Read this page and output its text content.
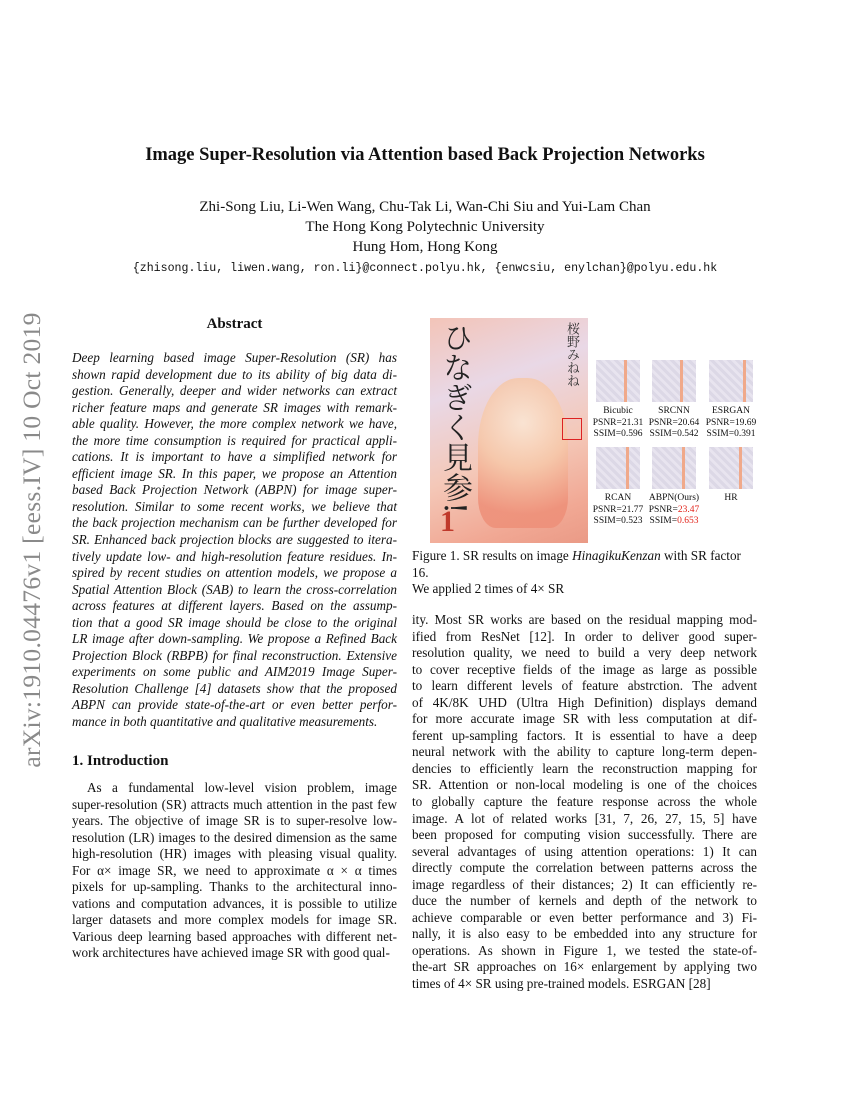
arXiv:1910.04476v1 [eess.IV] 10 Oct 2019
Image Super-Resolution via Attention based Back Projection Networks
Zhi-Song Liu, Li-Wen Wang, Chu-Tak Li, Wan-Chi Siu and Yui-Lam Chan
The Hong Kong Polytechnic University
Hung Hom, Hong Kong
{zhisong.liu, liwen.wang, ron.li}@connect.polyu.hk, {enwcsiu, enylchan}@polyu.edu.hk
Abstract
Deep learning based image Super-Resolution (SR) has
shown rapid development due to its ability of big data di-
gestion. Generally, deeper and wider networks can extract
richer feature maps and generate SR images with remark-
able quality. However, the more complex network we have,
the more time consumption is required for practical appli-
cations. It is important to have a simplified network for
efficient image SR. In this paper, we propose an Attention
based Back Projection Network (ABPN) for image super-
resolution. Similar to some recent works, we believe that
the back projection mechanism can be further developed for
SR. Enhanced back projection blocks are suggested to itera-
tively update low- and high-resolution feature residues. In-
spired by recent studies on attention models, we propose a
Spatial Attention Block (SAB) to learn the cross-correlation
across features at different layers. Based on the assump-
tion that a good SR image should be close to the original
LR image after down-sampling. We propose a Refined Back
Projection Block (RBPB) for final reconstruction. Extensive
experiments on some public and AIM2019 Image Super-
Resolution Challenge [4] datasets show that the proposed
ABPN can provide state-of-the-art or even better perfor-
mance in both quantitative and qualitative measurements.
1. Introduction
As a fundamental low-level vision problem, image
super-resolution (SR) attracts much attention in the past few
years. The objective of image SR is to super-resolve low-
resolution (LR) images to the desired dimension as the same
high-resolution (HR) images with pleasing visual quality.
For α× image SR, we need to approximate α × α times
pixels for up-sampling. Thanks to the architectural inno-
vations and computation advances, it is possible to utilize
larger datasets and more complex models for image SR.
Various deep learning based approaches with different net-
work architectures have achieved image SR with good qual-
ity. Most SR works are based on the residual mapping mod-
ified from ResNet [12]. In order to deliver good super-
resolution quality, we need to build a very deep network
to cover receptive fields of the image as large as possible
to learn different levels of feature abstrction. The advent
of 4K/8K UHD (Ultra High Definition) displays demand
for more accurate image SR with less computation at dif-
ferent up-sampling factors. It is essential to have a deep
neural network with the ability to capture long-term depen-
dencies to efficiently learn the reconstruction mapping for
SR. Attention or non-local modeling is one of the choices
to globally capture the feature response across the whole
image. A lot of related works [31, 7, 26, 27, 15, 5] have
been proposed for computing vision successfully. There are
several advantages of using attention operations: 1) It can
directly compute the correlation between patterns across the
image regardless of their distances; 2) It can efficiently re-
duce the number of kernels and depth of the network to
achieve comparable or even better performance and 3) Fi-
nally, it is also easy to be embedded into any structure for
operations. As shown in Figure 1, we tested the state-of-
the-art SR approaches on 16× enlargement by applying two
times of 4× SR using pre-trained models. ESRGAN [28]
ひなぎく見参!	桜野みねね
1
Bicubic
PSNR=21.31
SSIM=0.596
SRCNN
PSNR=20.64
SSIM=0.542
ESRGAN
PSNR=19.69
SSIM=0.391
RCAN
PSNR=21.77
SSIM=0.523
ABPN(Ours)
PSNR=23.47
SSIM=0.653
HR
Figure 1. SR results on image HinagikuKenzan with SR factor 16.
We applied 2 times of 4× SR
